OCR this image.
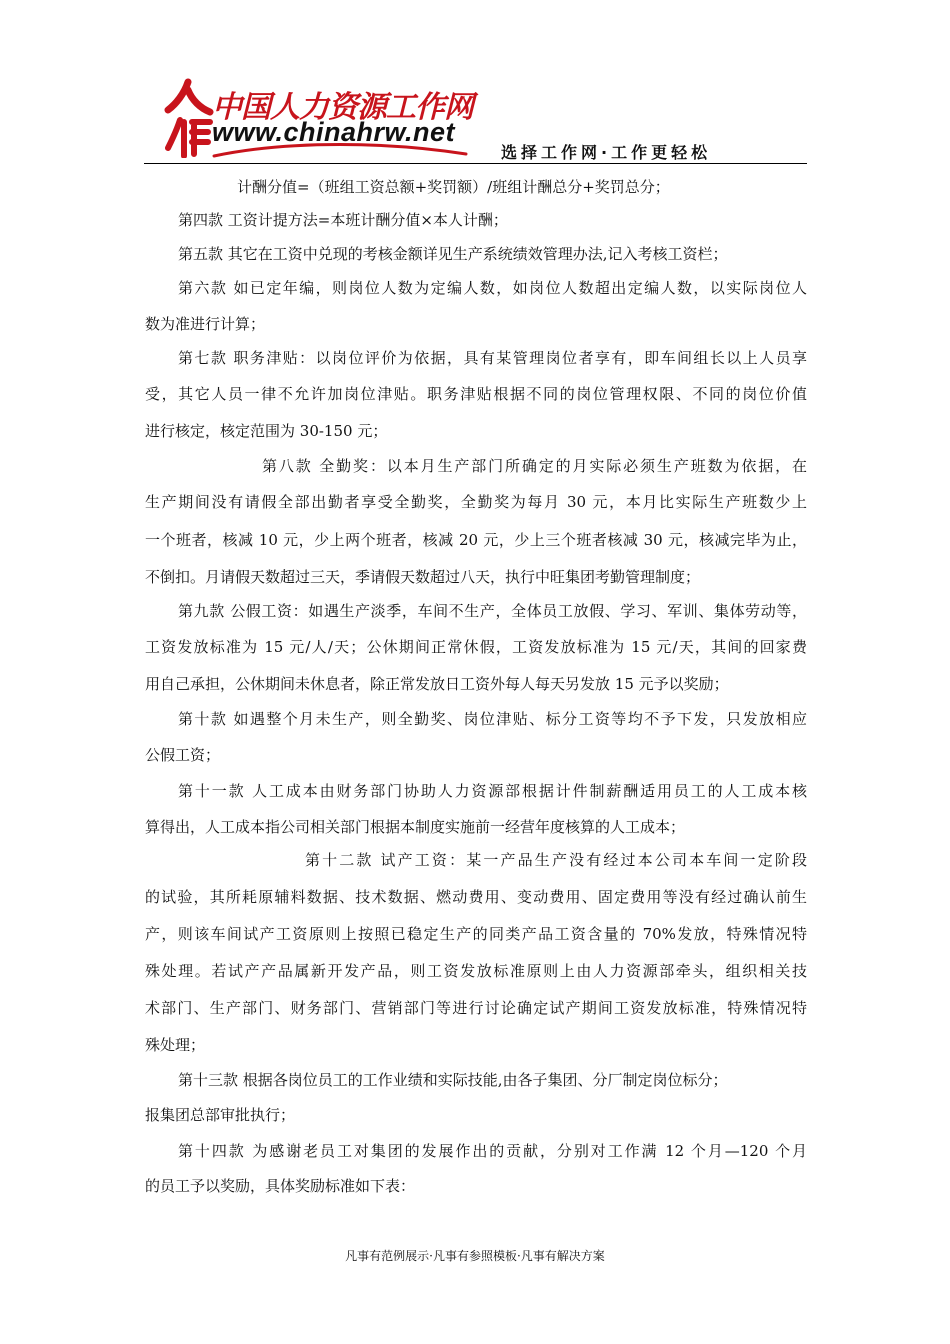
中国人力资源工作网
www.chinahrw.net
选择工作网·工作更轻松
计酬分值=（班组工资总额+奖罚额）/班组计酬总分+奖罚总分；
第四款 工资计提方法=本班计酬分值×本人计酬；
第五款 其它在工资中兑现的考核金额详见生产系统绩效管理办法,记入考核工资栏；
第六款 如已定年编，则岗位人数为定编人数，如岗位人数超出定编人数，以实际岗位人
数为准进行计算；
第七款 职务津贴：以岗位评价为依据，具有某管理岗位者享有，即车间组长以上人员享
受，其它人员一律不允许加岗位津贴。职务津贴根据不同的岗位管理权限、不同的岗位价值
进行核定，核定范围为 30-150 元；
第八款 全勤奖：以本月生产部门所确定的月实际必须生产班数为依据，在
生产期间没有请假全部出勤者享受全勤奖，全勤奖为每月 30 元，本月比实际生产班数少上
一个班者，核减 10 元，少上两个班者，核减 20 元，少上三个班者核减 30 元，核减完毕为止，
不倒扣。月请假天数超过三天，季请假天数超过八天，执行中旺集团考勤管理制度；
第九款 公假工资：如遇生产淡季，车间不生产，全体员工放假、学习、军训、集体劳动等，
工资发放标准为 15 元/人/天；公休期间正常休假，工资发放标准为 15 元/天，其间的回家费
用自己承担，公休期间未休息者，除正常发放日工资外每人每天另发放 15 元予以奖励；
第十款 如遇整个月未生产，则全勤奖、岗位津贴、标分工资等均不予下发，只发放相应
公假工资；
第十一款 人工成本由财务部门协助人力资源部根据计件制薪酬适用员工的人工成本核
算得出，人工成本指公司相关部门根据本制度实施前一经营年度核算的人工成本；
第十二款 试产工资：某一产品生产没有经过本公司本车间一定阶段
的试验，其所耗原辅料数据、技术数据、燃动费用、变动费用、固定费用等没有经过确认前生
产，则该车间试产工资原则上按照已稳定生产的同类产品工资含量的 70%发放，特殊情况特
殊处理。若试产产品属新开发产品，则工资发放标准原则上由人力资源部牵头，组织相关技
术部门、生产部门、财务部门、营销部门等进行讨论确定试产期间工资发放标准，特殊情况特
殊处理；
第十三款 根据各岗位员工的工作业绩和实际技能,由各子集团、分厂制定岗位标分；
报集团总部审批执行；
第十四款 为感谢老员工对集团的发展作出的贡献，分别对工作满 12 个月—120 个月
的员工予以奖励，具体奖励标准如下表：
凡事有范例展示·凡事有参照模板·凡事有解决方案
